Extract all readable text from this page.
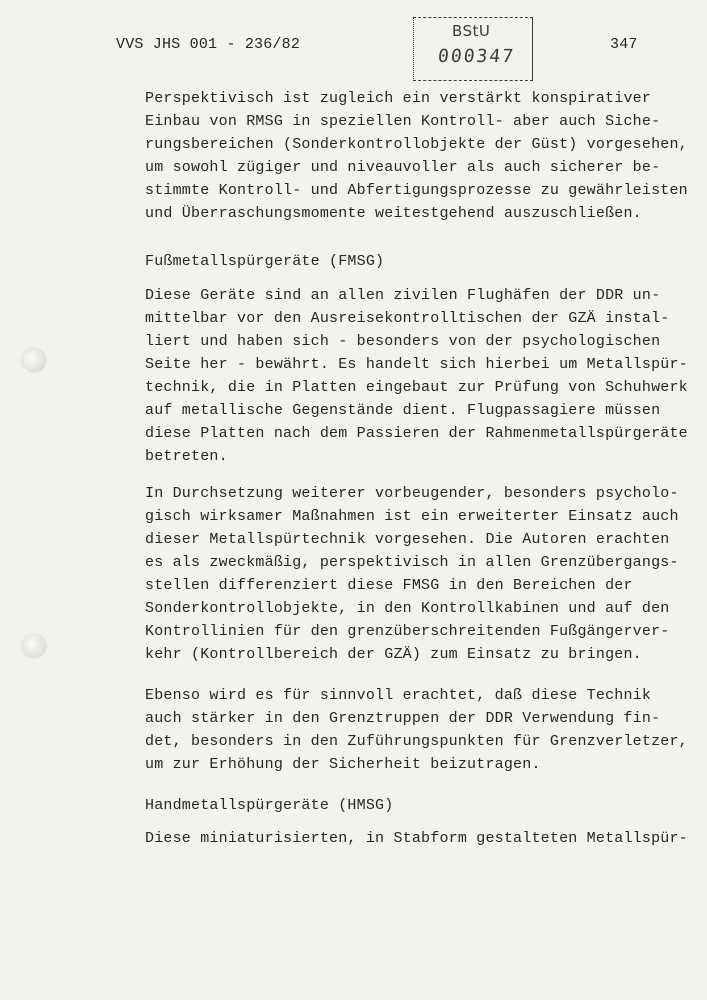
VVS JHS 001 - 236/82	347
BStU
000347
Perspektivisch ist zugleich ein verstärkt konspirativer
Einbau von RMSG in speziellen Kontroll- aber auch Siche-
rungsbereichen (Sonderkontrollobjekte der Güst) vorgesehen,
um sowohl zügiger und niveauvoller als auch sicherer be-
stimmte Kontroll- und Abfertigungsprozesse zu gewährleisten
und Überraschungsmomente weitestgehend auszuschließen.
Fußmetallspürgeräte (FMSG)
Diese Geräte sind an allen zivilen Flughäfen der DDR un-
mittelbar vor den Ausreisekontrolltischen der GZÄ instal-
liert und haben sich - besonders von der psychologischen
Seite her - bewährt. Es handelt sich hierbei um Metallspür-
technik, die in Platten eingebaut zur Prüfung von Schuhwerk
auf metallische Gegenstände dient. Flugpassagiere müssen
diese Platten nach dem Passieren der Rahmenmetallspürgeräte
betreten.
In Durchsetzung weiterer vorbeugender, besonders psycholo-
gisch wirksamer Maßnahmen ist ein erweiterter Einsatz auch
dieser Metallspürtechnik vorgesehen. Die Autoren erachten
es als zweckmäßig, perspektivisch in allen Grenzübergangs-
stellen differenziert diese FMSG in den Bereichen der
Sonderkontrollobjekte, in den Kontrollkabinen und auf den
Kontrollinien für den grenzüberschreitenden Fußgängerver-
kehr (Kontrollbereich der GZÄ) zum Einsatz zu bringen.
Ebenso wird es für sinnvoll erachtet, daß diese Technik
auch stärker in den Grenztruppen der DDR Verwendung fin-
det, besonders in den Zuführungspunkten für Grenzverletzer,
um zur Erhöhung der Sicherheit beizutragen.
Handmetallspürgeräte (HMSG)
Diese miniaturisierten, in Stabform gestalteten Metallspür-
